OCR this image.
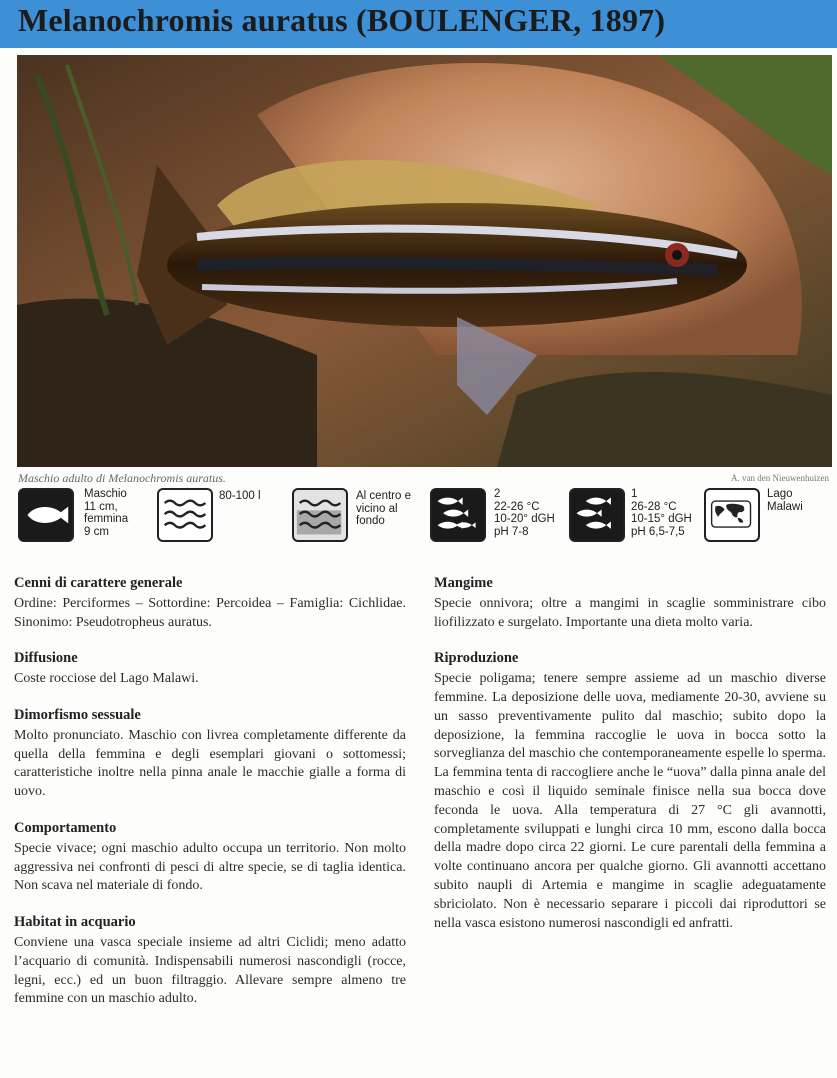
Melanochromis auratus (BOULENGER, 1897)
Maschio adulto di Melanochromis auratus.	A. van den Nieuwenhuizen
Maschio
11 cm,
femmina
9 cm
80-100 l	Al centro e
vicino al
fondo
2
22-26 °C
10-20° dGH
pH 7-8
1
26-28 °C
10-15° dGH
pH 6,5-7,5
Lago
Malawi
Cenni di carattere generale

Ordine: Perciformes – Sottordine: Percoidea – Famiglia: Cichlidae. Sinonimo: Pseudotropheus auratus.

Diffusione

Coste rocciose del Lago Malawi.

Dimorfismo sessuale

Molto pronunciato. Maschio con livrea completamente differente da quella della femmina e degli esemplari giovani o sottomessi; caratteristiche inoltre nella pinna anale le macchie gialle a forma di uovo.

Comportamento

Specie vivace; ogni maschio adulto occupa un territorio. Non molto aggressiva nei confronti di pesci di altre specie, se di taglia identica. Non scava nel materiale di fondo.

Habitat in acquario

Conviene una vasca speciale insieme ad altri Ciclidi; meno adatto l’acquario di comunità. Indispensabili numerosi nascondigli (rocce, legni, ecc.) ed un buon filtraggio. Allevare sempre almeno tre femmine con un maschio adulto.

Mangime

Specie onnivora; oltre a mangimi in scaglie somministrare cibo liofilizzato e surgelato. Importante una dieta molto varia.

Riproduzione

Specie poligama; tenere sempre assieme ad un maschio diverse femmine. La deposizione delle uova, mediamente 20-30, avviene su un sasso preventivamente pulito dal maschio; subito dopo la deposizione, la femmina raccoglie le uova in bocca sotto la sorveglianza del maschio che contemporaneamente espelle lo sperma. La femmina tenta di raccogliere anche le “uova” dalla pinna anale del maschio e così il liquido seminale finisce nella sua bocca dove feconda le uova. Alla temperatura di 27 °C gli avannotti, completamente sviluppati e lunghi circa 10 mm, escono dalla bocca della madre dopo circa 22 giorni. Le cure parentali della femmina a volte continuano ancora per qualche giorno. Gli avannotti accettano subito naupli di Artemia e mangime in scaglie adeguatamente sbriciolato. Non è necessario separare i piccoli dai riproduttori se nella vasca esistono numerosi nascondigli ed anfratti.
